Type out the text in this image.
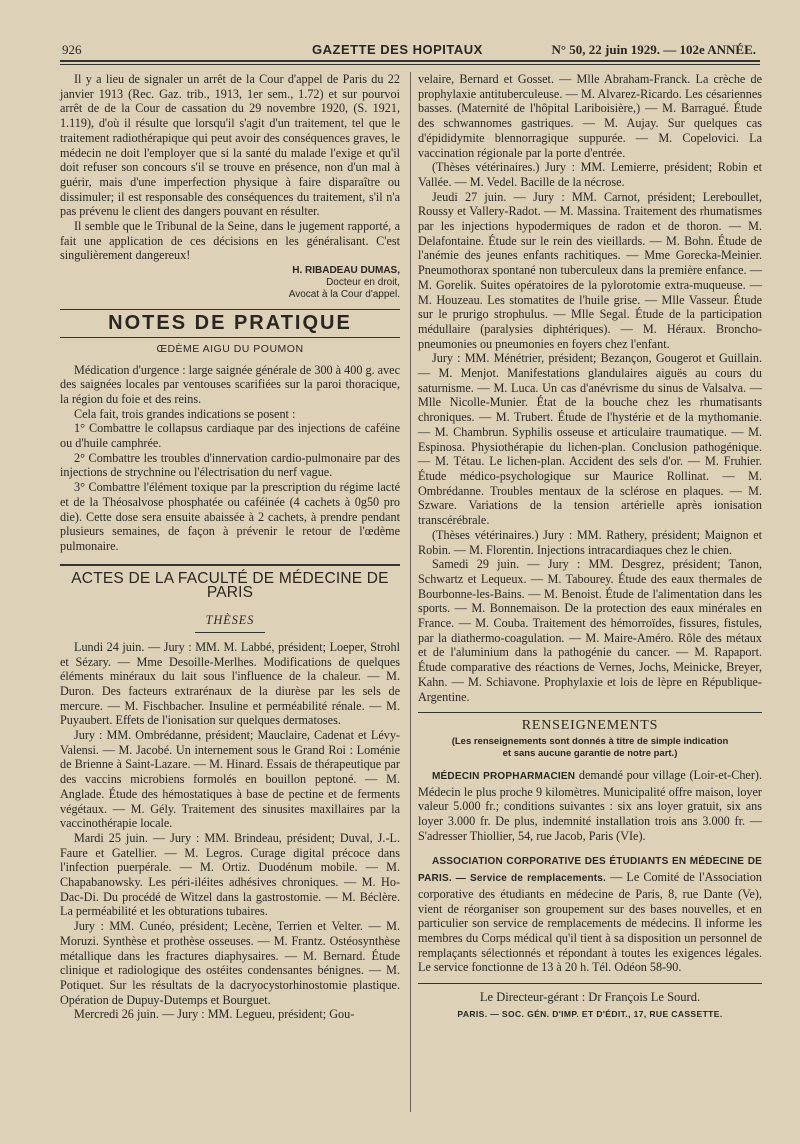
926	GAZETTE DES HOPITAUX	N° 50, 22 juin 1929. — 102e ANNÉE.

Il y a lieu de signaler un arrêt de la Cour d'appel de Paris du 22 janvier 1913 (Rec. Gaz. trib., 1913, 1er sem., 1.72) et sur pourvoi arrêt de de la Cour de cassation du 29 novembre 1920, (S. 1921, 1.119), d'où il résulte que lorsqu'il s'agit d'un traitement, tel que le traitement radiothérapique qui peut avoir des conséquences graves, le médecin ne doit l'employer que si la santé du malade l'exige et qu'il doit refuser son concours s'il se trouve en présence, non d'un mal à guérir, mais d'une imperfection physique à faire disparaître ou dissimuler; il est responsable des conséquences du traitement, s'il n'a pas prévenu le client des dangers pouvant en résulter.

Il semble que le Tribunal de la Seine, dans le jugement rapporté, a fait une application de ces décisions en les généralisant. C'est singulièrement dangereux!

H. RIBADEAU DUMAS,
Docteur en droit,
Avocat à la Cour d'appel.
NOTES DE PRATIQUE
ŒDÈME AIGU DU POUMON

Médication d'urgence : large saignée générale de 300 à 400 g. avec des saignées locales par ventouses scarifiées sur la paroi thoracique, la région du foie et des reins.

Cela fait, trois grandes indications se posent :

1° Combattre le collapsus cardiaque par des injections de caféine ou d'huile camphrée.

2° Combattre les troubles d'innervation cardio-pulmonaire par des injections de strychnine ou l'électrisation du nerf vague.

3° Combattre l'élément toxique par la prescription du régime lacté et de la Théosalvose phosphatée ou caféinée (4 cachets à 0g50 pro die). Cette dose sera ensuite abaissée à 2 cachets, à prendre pendant plusieurs semaines, de façon à prévenir le retour de l'œdème pulmonaire.

ACTES DE LA FACULTÉ DE MÉDECINE DE PARIS
THÈSES

Lundi 24 juin. — Jury : MM. M. Labbé, président; Loeper, Strohl et Sézary. — Mme Desoille-Merlhes. Modifications de quelques éléments minéraux du lait sous l'influence de la chaleur. — M. Duron. Des facteurs extrarénaux de la diurèse par les sels de mercure. — M. Fischbacher. Insuline et perméabilité rénale. — M. Puyaubert. Effets de l'ionisation sur quelques dermatoses.

Jury : MM. Ombrédanne, président; Mauclaire, Cadenat et Lévy-Valensi. — M. Jacobé. Un internement sous le Grand Roi : Loménie de Brienne à Saint-Lazare. — M. Hinard. Essais de thérapeutique par des vaccins microbiens formolés en bouillon peptoné. — M. Anglade. Étude des hémostatiques à base de pectine et de ferments végétaux. — M. Gély. Traitement des sinusites maxillaires par la vaccinothérapie locale.

Mardi 25 juin. — Jury : MM. Brindeau, président; Duval, J.-L. Faure et Gatellier. — M. Legros. Curage digital précoce dans l'infection puerpérale. — M. Ortiz. Duodénum mobile. — M. Chapabanowsky. Les péri-iléites adhésives chroniques. — M. Ho-Dac-Di. Du procédé de Witzel dans la gastrostomie. — M. Béclère. La perméabilité et les obturations tubaires.

Jury : MM. Cunéo, président; Lecène, Terrien et Velter. — M. Moruzi. Synthèse et prothèse osseuses. — M. Frantz. Ostéosynthèse métallique dans les fractures diaphysaires. — M. Bernard. Étude clinique et radiologique des ostéites condensantes bénignes. — M. Potiquet. Sur les résultats de la dacryocystorhinostomie plastique. Opération de Dupuy-Dutemps et Bourguet.

Mercredi 26 juin. — Jury : MM. Legueu, président; Gou-

velaire, Bernard et Gosset. — Mlle Abraham-Franck. La crèche de prophylaxie antituberculeuse. — M. Alvarez-Ricardo. Les césariennes basses. (Maternité de l'hôpital Lariboisière,) — M. Barragué. Étude des schwannomes gastriques. — M. Aujay. Sur quelques cas d'épididymite blennorragique suppurée. — M. Copelovici. La vaccination régionale par la porte d'entrée.

(Thèses vétérinaires.) Jury : MM. Lemierre, président; Robin et Vallée. — M. Vedel. Bacille de la nécrose.

Jeudi 27 juin. — Jury : MM. Carnot, président; Lereboullet, Roussy et Vallery-Radot. — M. Massina. Traitement des rhumatismes par les injections hypodermiques de radon et de thoron. — M. Delafontaine. Étude sur le rein des vieillards. — M. Bohn. Étude de l'anémie des jeunes enfants rachitiques. — Mme Gorecka-Meinier. Pneumothorax spontané non tuberculeux dans la première enfance. — M. Gorelik. Suites opératoires de la pylorotomie extra-muqueuse. — M. Houzeau. Les stomatites de l'huile grise. — Mlle Vasseur. Étude sur le prurigo strophulus. — Mlle Segal. Étude de la participation médullaire (paralysies diphtériques). — M. Héraux. Broncho-pneumonies ou pneumonies en foyers chez l'enfant.

Jury : MM. Ménétrier, président; Bezançon, Gougerot et Guillain. — M. Menjot. Manifestations glandulaires aiguës au cours du saturnisme. — M. Luca. Un cas d'anévrisme du sinus de Valsalva. — Mlle Nicolle-Munier. État de la bouche chez les rhumatisants chroniques. — M. Trubert. Étude de l'hystérie et de la mythomanie. — M. Chambrun. Syphilis osseuse et articulaire traumatique. — M. Espinosa. Physiothérapie du lichen-plan. Conclusion pathogénique. — M. Tétau. Le lichen-plan. Accident des sels d'or. — M. Fruhier. Étude médico-psychologique sur Maurice Rollinat. — M. Ombrédanne. Troubles mentaux de la sclérose en plaques. — M. Szware. Variations de la tension artérielle après ionisation transcérébrale.

(Thèses vétérinaires.) Jury : MM. Rathery, président; Maignon et Robin. — M. Florentin. Injections intracardiaques chez le chien.

Samedi 29 juin. — Jury : MM. Desgrez, président; Tanon, Schwartz et Lequeux. — M. Tabourey. Étude des eaux thermales de Bourbonne-les-Bains. — M. Benoist. Étude de l'alimentation dans les sports. — M. Bonnemaison. De la protection des eaux minérales en France. — M. Couba. Traitement des hémorroïdes, fissures, fistules, par la diathermo-coagulation. — M. Maire-Améro. Rôle des métaux et de l'aluminium dans la pathogénie du cancer. — M. Rapaport. Étude comparative des réactions de Vernes, Jochs, Meinicke, Breyer, Kahn. — M. Schiavone. Prophylaxie et lois de lèpre en République-Argentine.

RENSEIGNEMENTS
(Les renseignements sont donnés à titre de simple indication
et sans aucune garantie de notre part.)

MÉDECIN PROPHARMACIEN demandé pour village (Loir-et-Cher). Médecin le plus proche 9 kilomètres. Municipalité offre maison, loyer valeur 5.000 fr.; conditions suivantes : six ans loyer gratuit, six ans loyer 3.000 fr. De plus, indemnité installation trois ans 3.000 fr. — S'adresser Thiollier, 54, rue Jacob, Paris (VIe).

ASSOCIATION CORPORATIVE DES ÉTUDIANTS EN MÉDECINE DE PARIS. — Service de remplacements. — Le Comité de l'Association corporative des étudiants en médecine de Paris, 8, rue Dante (Ve), vient de réorganiser son groupement sur des bases nouvelles, et en particulier son service de remplacements de médecins. Il informe les membres du Corps médical qu'il tient à sa disposition un personnel de remplaçants sélectionnés et répondant à toutes les exigences légales. Le service fonctionne de 13 à 20 h. Tél. Odéon 58-90.

Le Directeur-gérant : Dr François Le Sourd.
PARIS. — SOC. GÉN. D'IMP. ET D'ÉDIT., 17, RUE CASSETTE.
